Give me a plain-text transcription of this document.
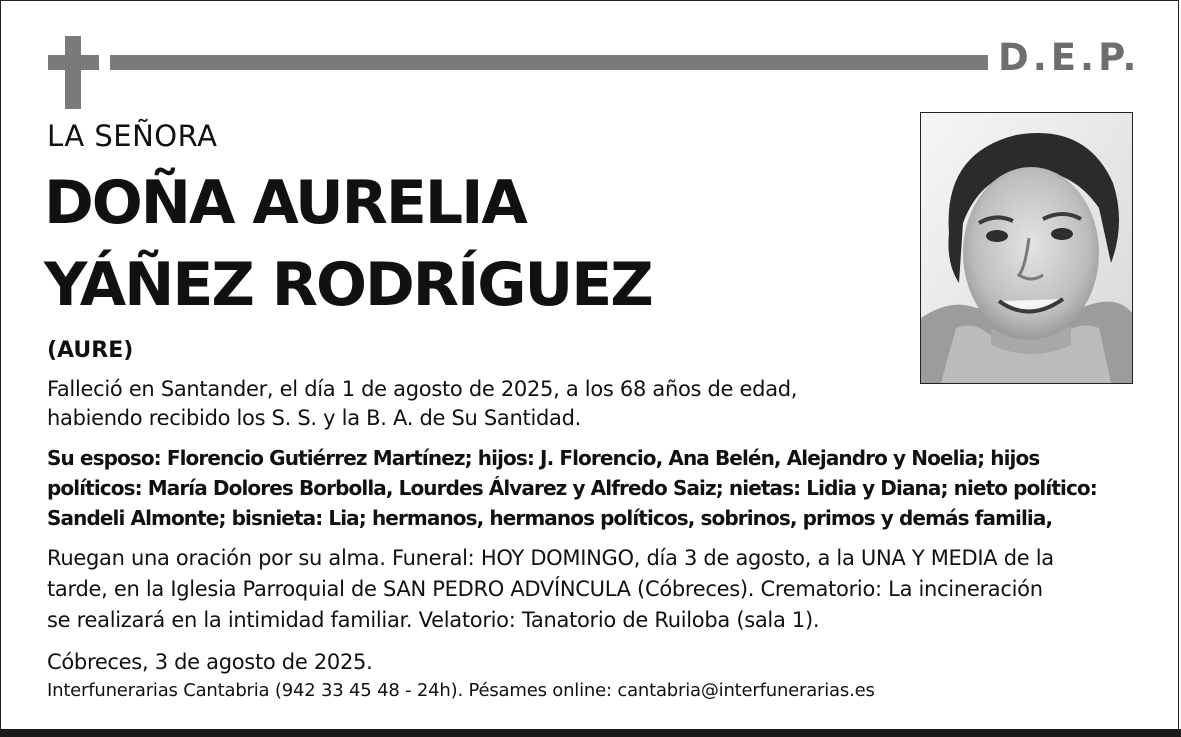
D.E.P.
LA SEÑORA
DOÑA AURELIA
YÁÑEZ RODRÍGUEZ
(AURE)
Falleció en Santander, el día 1 de agosto de 2025, a los 68 años de edad,
habiendo recibido los S. S. y la B. A. de Su Santidad.
Su esposo: Florencio Gutiérrez Martínez; hijos: J. Florencio, Ana Belén, Alejandro y Noelia; hijos
políticos: María Dolores Borbolla, Lourdes Álvarez y Alfredo Saiz; nietas: Lidia y Diana; nieto político:
Sandeli Almonte; bisnieta: Lia; hermanos, hermanos políticos, sobrinos, primos y demás familia,
Ruegan una oración por su alma. Funeral: HOY DOMINGO, día 3 de agosto, a la UNA Y MEDIA de la
tarde, en la Iglesia Parroquial de SAN PEDRO ADVÍNCULA (Cóbreces). Crematorio: La incineración
se realizará en la intimidad familiar. Velatorio: Tanatorio de Ruiloba (sala 1).
Cóbreces, 3 de agosto de 2025.
Interfunerarias Cantabria (942 33 45 48 - 24h). Pésames online: cantabria@interfunerarias.es
